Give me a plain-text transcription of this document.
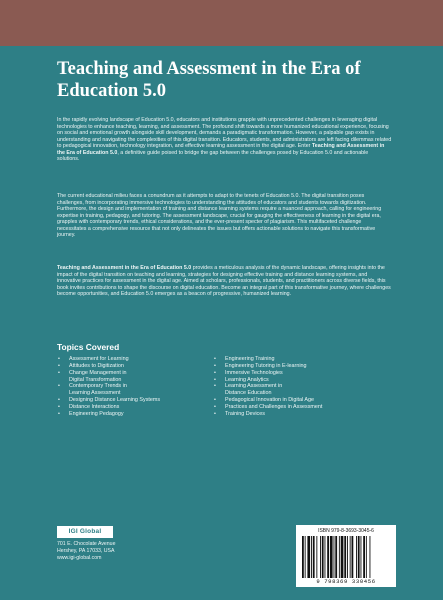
Teaching and Assessment in the Era of Education 5.0

In the rapidly evolving landscape of Education 5.0, educators and institutions grapple with unprecedented challenges in leveraging digital technologies to enhance teaching, learning, and assessment. The profound shift towards a more humanized educational experience, focusing on social and emotional growth alongside skill development, demands a paradigmatic transformation. However, a palpable gap exists in understanding and navigating the complexities of this digital transition. Educators, students, and administrators are left facing dilemmas related to pedagogical innovation, technology integration, and effective learning assessment in the digital age. Enter Teaching and Assessment in the Era of Education 5.0, a definitive guide poised to bridge the gap between the challenges posed by Education 5.0 and actionable solutions.

The current educational milieu faces a conundrum as it attempts to adapt to the tenets of Education 5.0. The digital transition poses challenges, from incorporating immersive technologies to understanding the attitudes of educators and students towards digitization. Furthermore, the design and implementation of training and distance learning systems require a nuanced approach, calling for engineering expertise in training, pedagogy, and tutoring. The assessment landscape, crucial for gauging the effectiveness of learning in the digital era, grapples with contemporary trends, ethical considerations, and the ever-present specter of plagiarism. This multifaceted challenge necessitates a comprehensive resource that not only delineates the issues but offers actionable solutions to navigate this transformative journey.

Teaching and Assessment in the Era of Education 5.0 provides a meticulous analysis of the dynamic landscape, offering insights into the impact of the digital transition on teaching and learning, strategies for designing effective training and distance learning systems, and innovative practices for assessment in the digital age. Aimed at scholars, professionals, students, and practitioners across diverse fields, this book invites contributions to shape the discourse on digital education. Become an integral part of this transformative journey, where challenges become opportunities, and Education 5.0 emerges as a beacon of progressive, humanized learning.

Topics Covered
• Assessment for Learning
• Attitudes to Digitization
• Change Management in
Digital Transformation
• Contemporary Trends in
Learning Assessment
• Designing Distance Learning Systems
• Distance Interactions
• Engineering Pedagogy
• Engineering Training
• Engineering Tutoring in E-learning
• Immersive Technologies
• Learning Analytics
• Learning Assessment in
Distance Education
• Pedagogical Innovation in Digital Age
• Practices and Challenges in Assessment
• Training Devices
IGI Global
701 E. Chocolate Avenue
Hershey, PA 17033, USA
www.igi-global.com
ISBN 979-8-3693-3045-6
9 798369 330456
